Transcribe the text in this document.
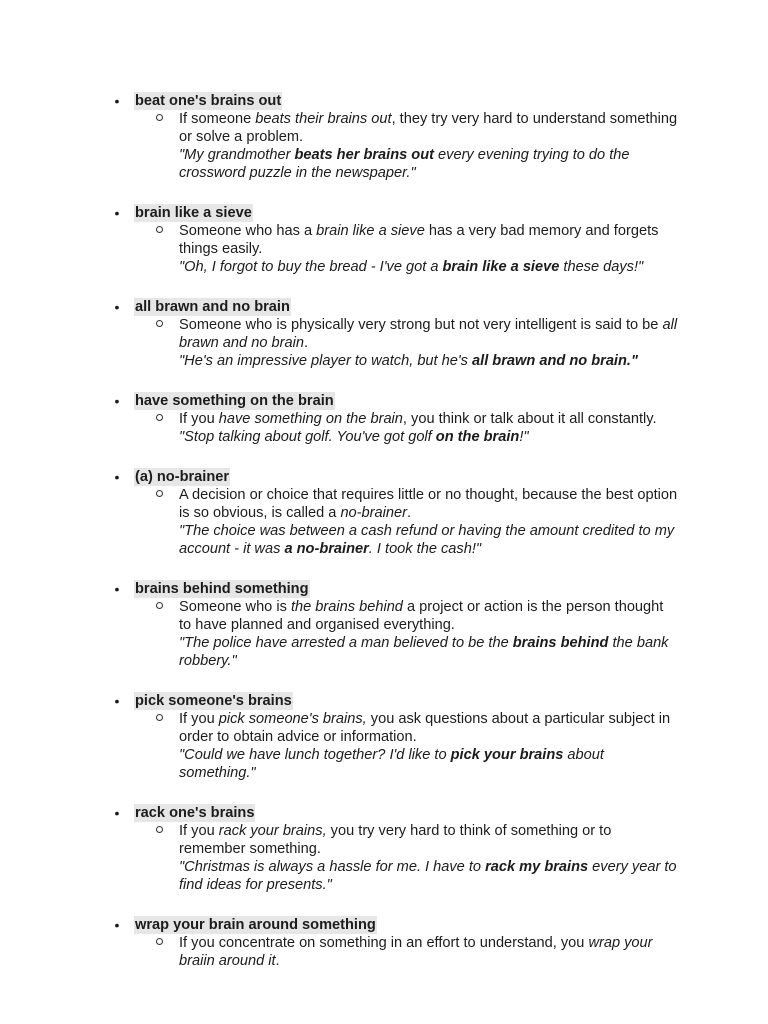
• beat one's brains out
If someone beats their brains out, they try very hard to understand something or solve a problem.
"My grandmother beats her brains out every evening trying to do the crossword puzzle in the newspaper."
• brain like a sieve
Someone who has a brain like a sieve has a very bad memory and forgets things easily.
"Oh, I forgot to buy the bread - I've got a brain like a sieve these days!"
• all brawn and no brain
Someone who is physically very strong but not very intelligent is said to be all brawn and no brain.
"He's an impressive player to watch, but he's all brawn and no brain."
• have something on the brain
If you have something on the brain, you think or talk about it all constantly.
"Stop talking about golf. You've got golf on the brain!"
• (a) no-brainer
A decision or choice that requires little or no thought, because the best option is so obvious, is called a no-brainer.
"The choice was between a cash refund or having the amount credited to my account - it was a no-brainer. I took the cash!"
• brains behind something
Someone who is the brains behind a project or action is the person thought to have planned and organised everything.
"The police have arrested a man believed to be the brains behind the bank robbery."
• pick someone's brains
If you pick someone's brains, you ask questions about a particular subject in order to obtain advice or information.
"Could we have lunch together? I'd like to pick your brains about something."
• rack one's brains
If you rack your brains, you try very hard to think of something or to remember something.
"Christmas is always a hassle for me. I have to rack my brains every year to find ideas for presents."
• wrap your brain around something
If you concentrate on something in an effort to understand, you wrap your braiin around it.
